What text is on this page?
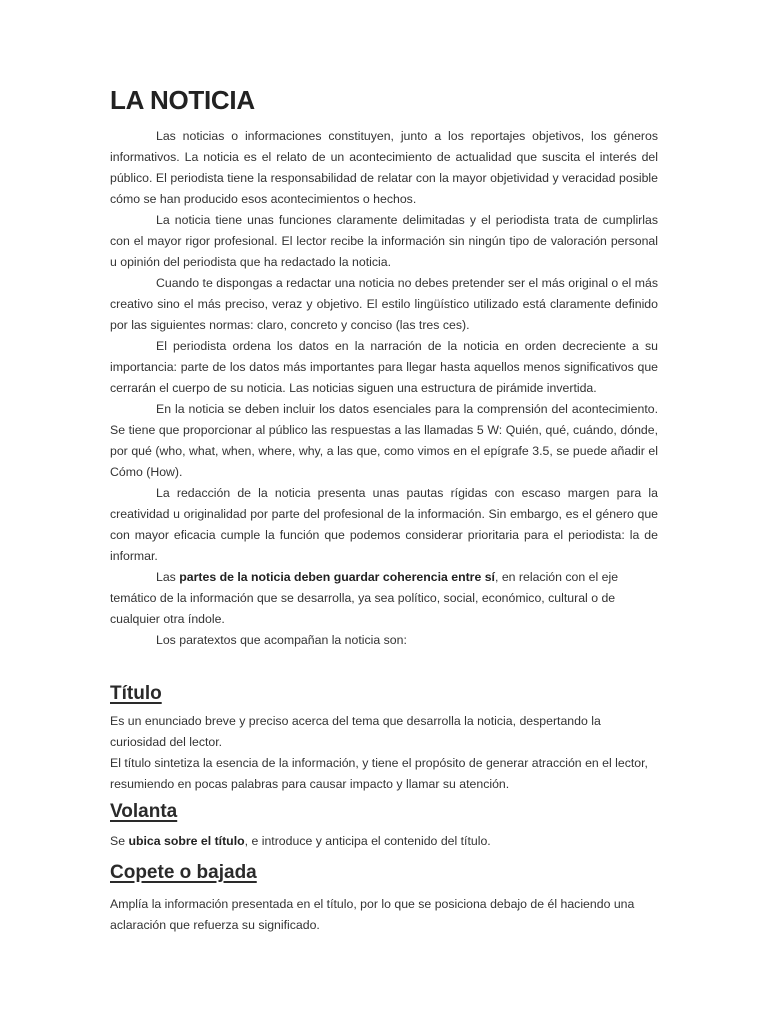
LA NOTICIA

Las noticias o informaciones constituyen, junto a los reportajes objetivos, los géneros informativos. La noticia es el relato de un acontecimiento de actualidad que suscita el interés del público. El periodista tiene la responsabilidad de relatar con la mayor objetividad y veracidad posible cómo se han producido esos acontecimientos o hechos.

La noticia tiene unas funciones claramente delimitadas y el periodista trata de cumplirlas con el mayor rigor profesional. El lector recibe la información sin ningún tipo de valoración personal u opinión del periodista que ha redactado la noticia.

Cuando te dispongas a redactar una noticia no debes pretender ser el más original o el más creativo sino el más preciso, veraz y objetivo. El estilo lingüístico utilizado está claramente definido por las siguientes normas: claro, concreto y conciso (las tres ces).

El periodista ordena los datos en la narración de la noticia en orden decreciente a su importancia: parte de los datos más importantes para llegar hasta aquellos menos significativos que cerrarán el cuerpo de su noticia. Las noticias siguen una estructura de pirámide invertida.

En la noticia se deben incluir los datos esenciales para la comprensión del acontecimiento. Se tiene que proporcionar al público las respuestas a las llamadas 5 W: Quién, qué, cuándo, dónde, por qué (who, what, when, where, why, a las que, como vimos en el epígrafe 3.5, se puede añadir el Cómo (How).

La redacción de la noticia presenta unas pautas rígidas con escaso margen para la creatividad u originalidad por parte del profesional de la información. Sin embargo, es el género que con mayor eficacia cumple la función que podemos considerar prioritaria para el periodista: la de informar.

Las partes de la noticia deben guardar coherencia entre sí, en relación con el eje temático de la información que se desarrolla, ya sea político, social, económico, cultural o de cualquier otra índole.

Los paratextos que acompañan la noticia son:

Título

Es un enunciado breve y preciso acerca del tema que desarrolla la noticia, despertando la curiosidad del lector.

El título sintetiza la esencia de la información, y tiene el propósito de generar atracción en el lector, resumiendo en pocas palabras para causar impacto y llamar su atención.

Volanta

Se ubica sobre el título, e introduce y anticipa el contenido del título.

Copete o bajada

Amplía la información presentada en el título, por lo que se posiciona debajo de él haciendo una aclaración que refuerza su significado.
